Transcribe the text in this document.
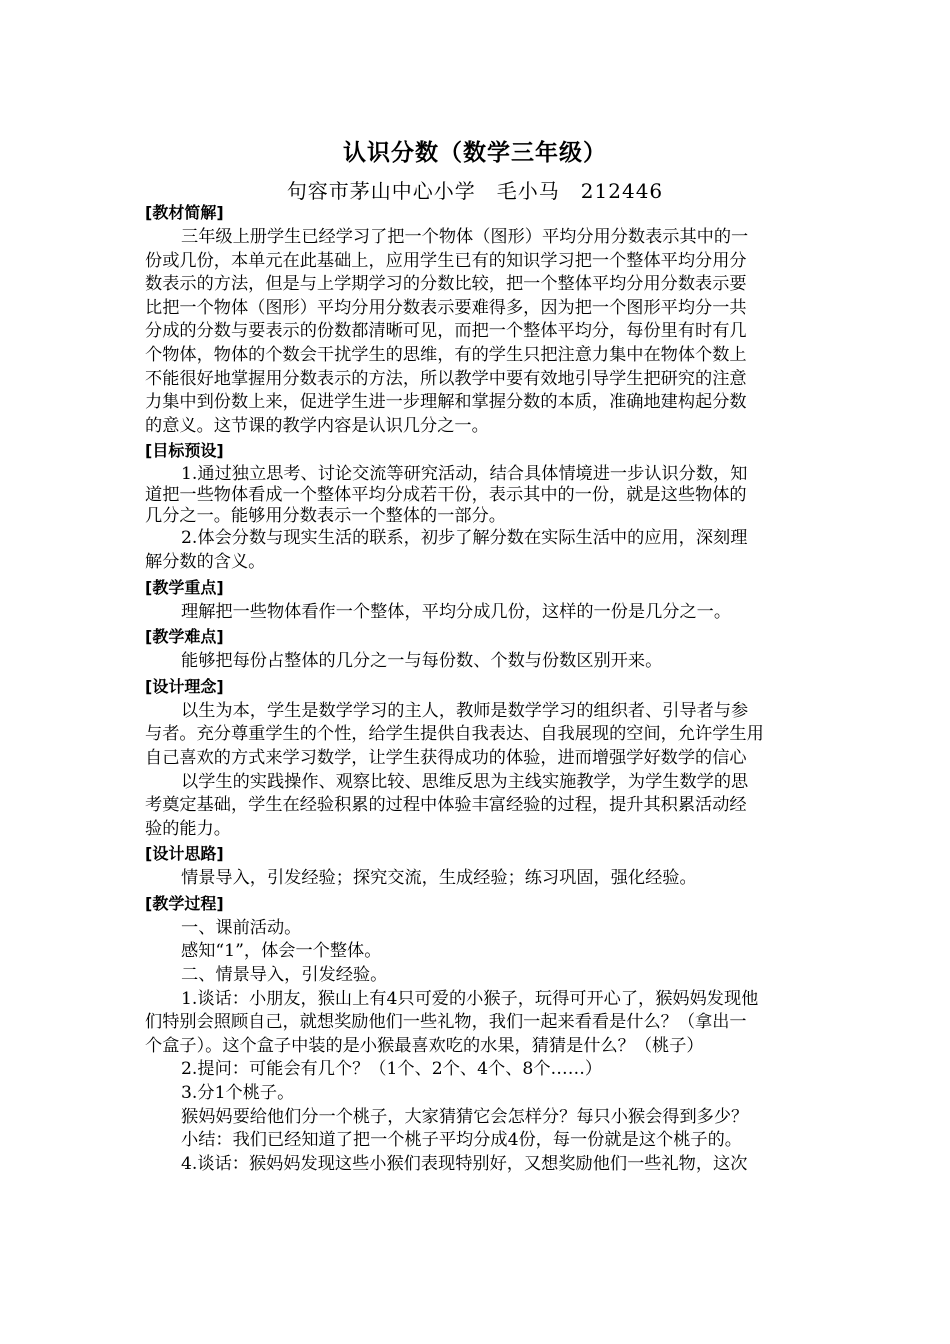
认识分数（数学三年级）
句容市茅山中心小学　毛小马　212446
[教材简解]
三年级上册学生已经学习了把一个物体（图形）平均分用分数表示其中的一
份或几份，本单元在此基础上，应用学生已有的知识学习把一个整体平均分用分
数表示的方法，但是与上学期学习的分数比较，把一个整体平均分用分数表示要
比把一个物体（图形）平均分用分数表示要难得多，因为把一个图形平均分一共
分成的分数与要表示的份数都清晰可见，而把一个整体平均分，每份里有时有几
个物体，物体的个数会干扰学生的思维，有的学生只把注意力集中在物体个数上
不能很好地掌握用分数表示的方法，所以教学中要有效地引导学生把研究的注意
力集中到份数上来，促进学生进一步理解和掌握分数的本质，准确地建构起分数
的意义。这节课的教学内容是认识几分之一。
[目标预设]
1.通过独立思考、讨论交流等研究活动，结合具体情境进一步认识分数，知
道把一些物体看成一个整体平均分成若干份，表示其中的一份，就是这些物体的
几分之一。能够用分数表示一个整体的一部分。
2.体会分数与现实生活的联系，初步了解分数在实际生活中的应用，深刻理
解分数的含义。
[教学重点]
理解把一些物体看作一个整体，平均分成几份，这样的一份是几分之一。
[教学难点]
能够把每份占整体的几分之一与每份数、个数与份数区别开来。
[设计理念]
以生为本，学生是数学学习的主人，教师是数学学习的组织者、引导者与参
与者。充分尊重学生的个性，给学生提供自我表达、自我展现的空间，允许学生用
自己喜欢的方式来学习数学，让学生获得成功的体验，进而增强学好数学的信心
以学生的实践操作、观察比较、思维反思为主线实施教学，为学生数学的思
考奠定基础，学生在经验积累的过程中体验丰富经验的过程，提升其积累活动经
验的能力。
[设计思路]
情景导入，引发经验；探究交流，生成经验；练习巩固，强化经验。
[教学过程]
一、课前活动。
感知“1”，体会一个整体。
二、情景导入，引发经验。
1.谈话：小朋友，猴山上有4只可爱的小猴子，玩得可开心了，猴妈妈发现他
们特别会照顾自己，就想奖励他们一些礼物，我们一起来看看是什么？（拿出一
个盒子）。这个盒子中装的是小猴最喜欢吃的水果，猜猜是什么？（桃子）
2.提问：可能会有几个？（1个、2个、4个、8个……）
3.分1个桃子。
猴妈妈要给他们分一个桃子，大家猜猜它会怎样分？每只小猴会得到多少？
小结：我们已经知道了把一个桃子平均分成4份，每一份就是这个桃子的。
4.谈话：猴妈妈发现这些小猴们表现特别好，又想奖励他们一些礼物，这次
